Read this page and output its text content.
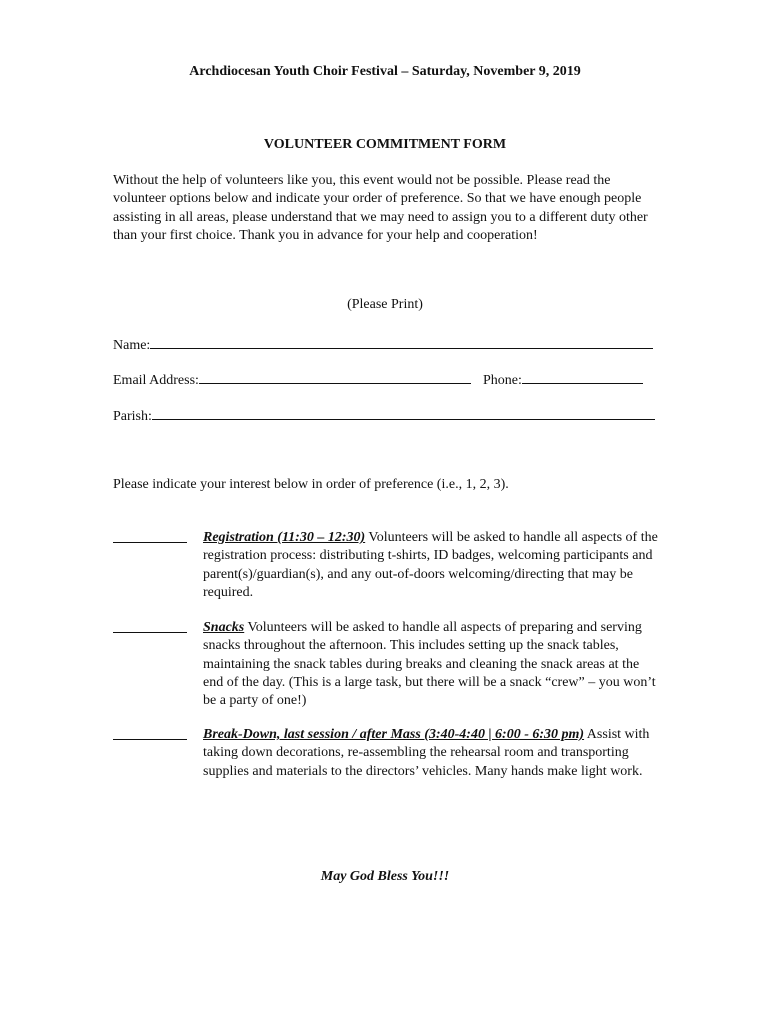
Archdiocesan Youth Choir Festival – Saturday, November 9, 2019
VOLUNTEER COMMITMENT FORM
Without the help of volunteers like you, this event would not be possible. Please read the volunteer options below and indicate your order of preference. So that we have enough people assisting in all areas, please understand that we may need to assign you to a different duty other than your first choice. Thank you in advance for your help and cooperation!
(Please Print)
Name:
Email Address:	Phone:
Parish:
Please indicate your interest below in order of preference (i.e., 1, 2, 3).
Registration (11:30 – 12:30) Volunteers will be asked to handle all aspects of the registration process: distributing t-shirts, ID badges, welcoming participants and parent(s)/guardian(s), and any out-of-doors welcoming/directing that may be required.
Snacks Volunteers will be asked to handle all aspects of preparing and serving snacks throughout the afternoon. This includes setting up the snack tables, maintaining the snack tables during breaks and cleaning the snack areas at the end of the day. (This is a large task, but there will be a snack “crew” – you won’t be a party of one!)
Break-Down, last session / after Mass (3:40-4:40 | 6:00 - 6:30 pm) Assist with taking down decorations, re-assembling the rehearsal room and transporting supplies and materials to the directors’ vehicles. Many hands make light work.
May God Bless You!!!
